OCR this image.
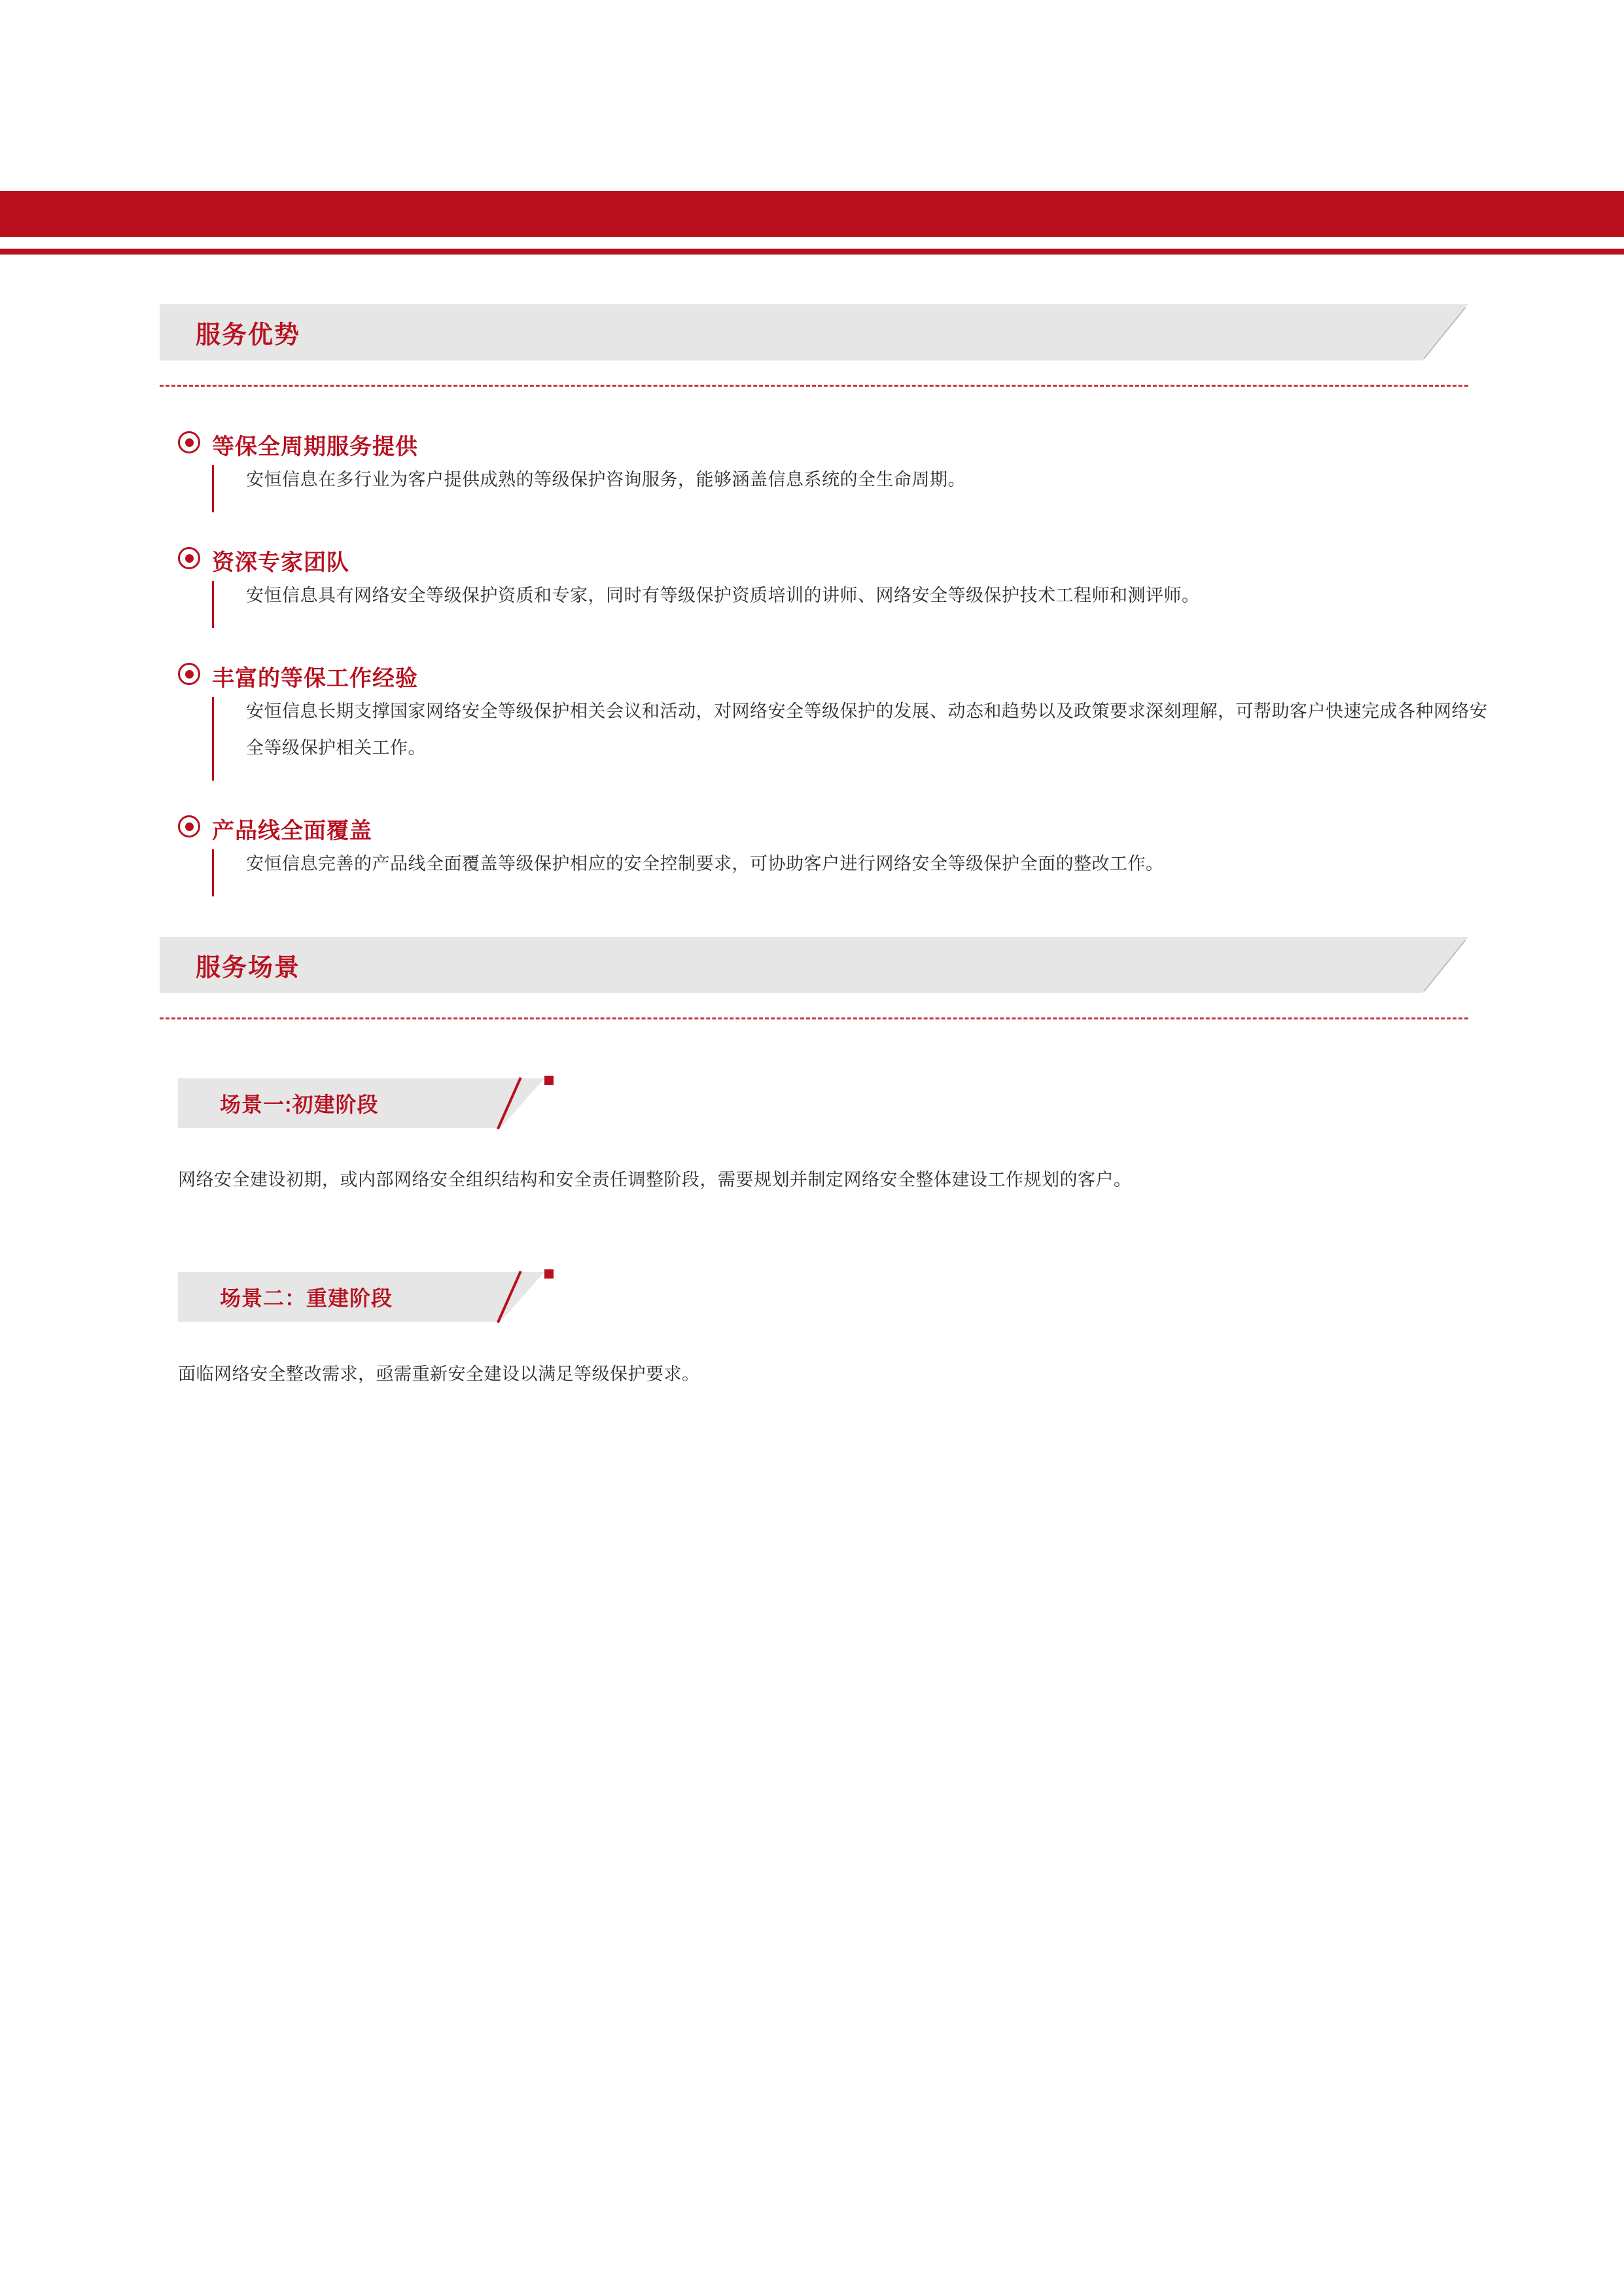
服务优势
等保全周期服务提供
安恒信息在多行业为客户提供成熟的等级保护咨询服务，能够涵盖信息系统的全生命周期。
资深专家团队
安恒信息具有网络安全等级保护资质和专家，同时有等级保护资质培训的讲师、网络安全等级保护技术工程师和测评师。
丰富的等保工作经验
安恒信息长期支撑国家网络安全等级保护相关会议和活动，对网络安全等级保护的发展、动态和趋势以及政策要求深刻理解，可帮助客户快速完成各种网络安全等级保护相关工作。
产品线全面覆盖
安恒信息完善的产品线全面覆盖等级保护相应的安全控制要求，可协助客户进行网络安全等级保护全面的整改工作。
服务场景
场景一:初建阶段
网络安全建设初期，或内部网络安全组织结构和安全责任调整阶段，需要规划并制定网络安全整体建设工作规划的客户。
场景二：重建阶段
面临网络安全整改需求，亟需重新安全建设以满足等级保护要求。
